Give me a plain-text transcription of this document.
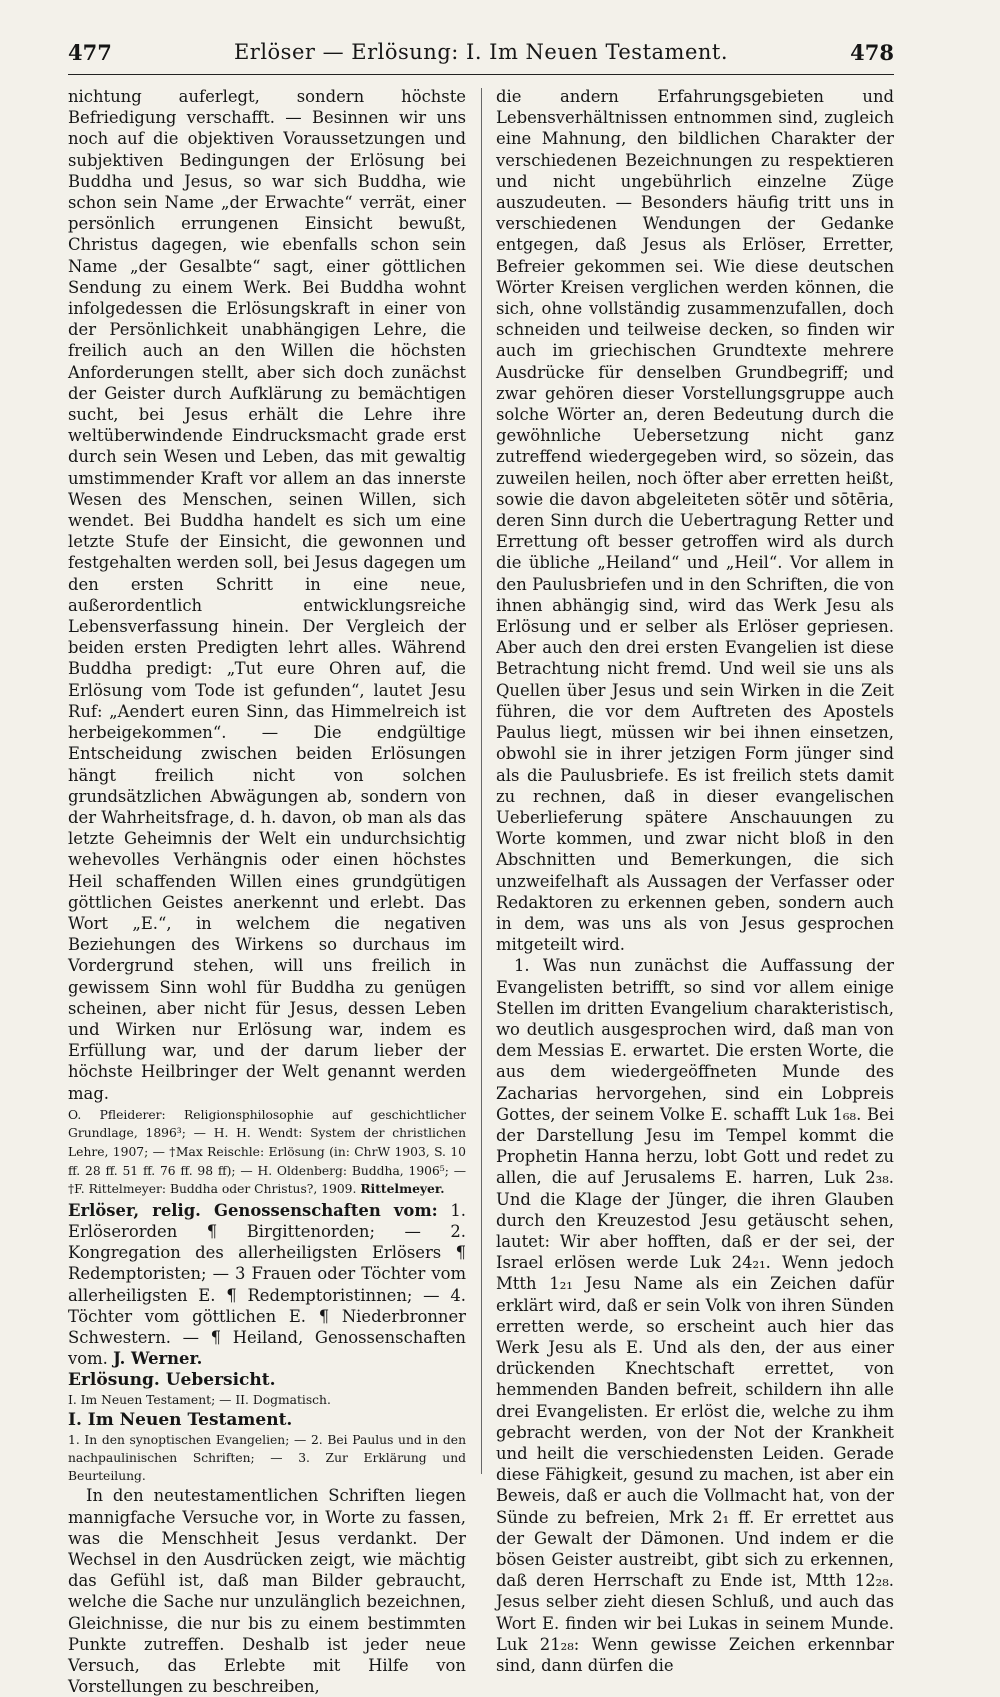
477	Erlöser — Erlösung: I. Im Neuen Testament.	478

nichtung auferlegt, sondern höchste Befriedigung verschafft. — Besinnen wir uns noch auf die objektiven Voraussetzungen und subjektiven Bedingungen der Erlösung bei Buddha und Jesus, so war sich Buddha, wie schon sein Name „der Erwachte“ verrät, einer persönlich errungenen Einsicht bewußt, Christus dagegen, wie ebenfalls schon sein Name „der Gesalbte“ sagt, einer göttlichen Sendung zu einem Werk. Bei Buddha wohnt infolgedessen die Erlösungskraft in einer von der Persönlichkeit unabhängigen Lehre, die freilich auch an den Willen die höchsten Anforderungen stellt, aber sich doch zunächst der Geister durch Aufklärung zu bemächtigen sucht, bei Jesus erhält die Lehre ihre weltüberwindende Eindrucksmacht grade erst durch sein Wesen und Leben, das mit gewaltig umstimmender Kraft vor allem an das innerste Wesen des Menschen, seinen Willen, sich wendet. Bei Buddha handelt es sich um eine letzte Stufe der Einsicht, die gewonnen und festgehalten werden soll, bei Jesus dagegen um den ersten Schritt in eine neue, außerordentlich entwicklungsreiche Lebensverfassung hinein. Der Vergleich der beiden ersten Predigten lehrt alles. Während Buddha predigt: „Tut eure Ohren auf, die Erlösung vom Tode ist gefunden“, lautet Jesu Ruf: „Aendert euren Sinn, das Himmelreich ist herbeigekommen“. — Die endgültige Entscheidung zwischen beiden Erlösungen hängt freilich nicht von solchen grundsätzlichen Abwägungen ab, sondern von der Wahrheitsfrage, d. h. davon, ob man als das letzte Geheimnis der Welt ein undurchsichtig wehevolles Verhängnis oder einen höchstes Heil schaffenden Willen eines grundgütigen göttlichen Geistes anerkennt und erlebt. Das Wort „E.“, in welchem die negativen Beziehungen des Wirkens so durchaus im Vordergrund stehen, will uns freilich in gewissem Sinn wohl für Buddha zu genügen scheinen, aber nicht für Jesus, dessen Leben und Wirken nur Erlösung war, indem es Erfüllung war, und der darum lieber der höchste Heilbringer der Welt genannt werden mag.

O. Pfleiderer: Religionsphilosophie auf geschichtlicher Grundlage, 1896³; — H. H. Wendt: System der christlichen Lehre, 1907; — †Max Reischle: Erlösung (in: ChrW 1903, S. 10 ff. 28 ff. 51 ff. 76 ff. 98 ff); — H. Oldenberg: Buddha, 1906⁵; — †F. Rittelmeyer: Buddha oder Christus?, 1909. Rittelmeyer.

Erlöser, relig. Genossenschaften vom: 1. Erlöserorden ¶ Birgittenorden; — 2. Kongregation des allerheiligsten Erlösers ¶ Redemptoristen; — 3 Frauen oder Töchter vom allerheiligsten E. ¶ Redemptoristinnen; — 4. Töchter vom göttlichen E. ¶ Niederbronner Schwestern. — ¶ Heiland, Genossenschaften vom. J. Werner.

Erlösung. Uebersicht.

I. Im Neuen Testament; — II. Dogmatisch.

I. Im Neuen Testament.

1. In den synoptischen Evangelien; — 2. Bei Paulus und in den nachpaulinischen Schriften; — 3. Zur Erklärung und Beurteilung.

In den neutestamentlichen Schriften liegen mannigfache Versuche vor, in Worte zu fassen, was die Menschheit Jesus verdankt. Der Wechsel in den Ausdrücken zeigt, wie mächtig das Gefühl ist, daß man Bilder gebraucht, welche die Sache nur unzulänglich bezeichnen, Gleichnisse, die nur bis zu einem bestimmten Punkte zutreffen. Deshalb ist jeder neue Versuch, das Erlebte mit Hilfe von Vorstellungen zu beschreiben,

die andern Erfahrungsgebieten und Lebensverhältnissen entnommen sind, zugleich eine Mahnung, den bildlichen Charakter der verschiedenen Bezeichnungen zu respektieren und nicht ungebührlich einzelne Züge auszudeuten. — Besonders häufig tritt uns in verschiedenen Wendungen der Gedanke entgegen, daß Jesus als Erlöser, Erretter, Befreier gekommen sei. Wie diese deutschen Wörter Kreisen verglichen werden können, die sich, ohne vollständig zusammenzufallen, doch schneiden und teilweise decken, so finden wir auch im griechischen Grundtexte mehrere Ausdrücke für denselben Grundbegriff; und zwar gehören dieser Vorstellungsgruppe auch solche Wörter an, deren Bedeutung durch die gewöhnliche Uebersetzung nicht ganz zutreffend wiedergegeben wird, so sözein, das zuweilen heilen, noch öfter aber erretten heißt, sowie die davon abgeleiteten sötēr und sōtēria, deren Sinn durch die Uebertragung Retter und Errettung oft besser getroffen wird als durch die übliche „Heiland“ und „Heil“. Vor allem in den Paulusbriefen und in den Schriften, die von ihnen abhängig sind, wird das Werk Jesu als Erlösung und er selber als Erlöser gepriesen. Aber auch den drei ersten Evangelien ist diese Betrachtung nicht fremd. Und weil sie uns als Quellen über Jesus und sein Wirken in die Zeit führen, die vor dem Auftreten des Apostels Paulus liegt, müssen wir bei ihnen einsetzen, obwohl sie in ihrer jetzigen Form jünger sind als die Paulusbriefe. Es ist freilich stets damit zu rechnen, daß in dieser evangelischen Ueberlieferung spätere Anschauungen zu Worte kommen, und zwar nicht bloß in den Abschnitten und Bemerkungen, die sich unzweifelhaft als Aussagen der Verfasser oder Redaktoren zu erkennen geben, sondern auch in dem, was uns als von Jesus gesprochen mitgeteilt wird.

1. Was nun zunächst die Auffassung der Evangelisten betrifft, so sind vor allem einige Stellen im dritten Evangelium charakteristisch, wo deutlich ausgesprochen wird, daß man von dem Messias E. erwartet. Die ersten Worte, die aus dem wiedergeöffneten Munde des Zacharias hervorgehen, sind ein Lobpreis Gottes, der seinem Volke E. schafft Luk 1₆₈. Bei der Darstellung Jesu im Tempel kommt die Prophetin Hanna herzu, lobt Gott und redet zu allen, die auf Jerusalems E. harren, Luk 2₃₈. Und die Klage der Jünger, die ihren Glauben durch den Kreuzestod Jesu getäuscht sehen, lautet: Wir aber hofften, daß er der sei, der Israel erlösen werde Luk 24₂₁. Wenn jedoch Mtth 1₂₁ Jesu Name als ein Zeichen dafür erklärt wird, daß er sein Volk von ihren Sünden erretten werde, so erscheint auch hier das Werk Jesu als E. Und als den, der aus einer drückenden Knechtschaft errettet, von hemmenden Banden befreit, schildern ihn alle drei Evangelisten. Er erlöst die, welche zu ihm gebracht werden, von der Not der Krankheit und heilt die verschiedensten Leiden. Gerade diese Fähigkeit, gesund zu machen, ist aber ein Beweis, daß er auch die Vollmacht hat, von der Sünde zu befreien, Mrk 2₁ ff. Er errettet aus der Gewalt der Dämonen. Und indem er die bösen Geister austreibt, gibt sich zu erkennen, daß deren Herrschaft zu Ende ist, Mtth 12₂₈. Jesus selber zieht diesen Schluß, und auch das Wort E. finden wir bei Lukas in seinem Munde. Luk 21₂₈: Wenn gewisse Zeichen erkennbar sind, dann dürfen die
